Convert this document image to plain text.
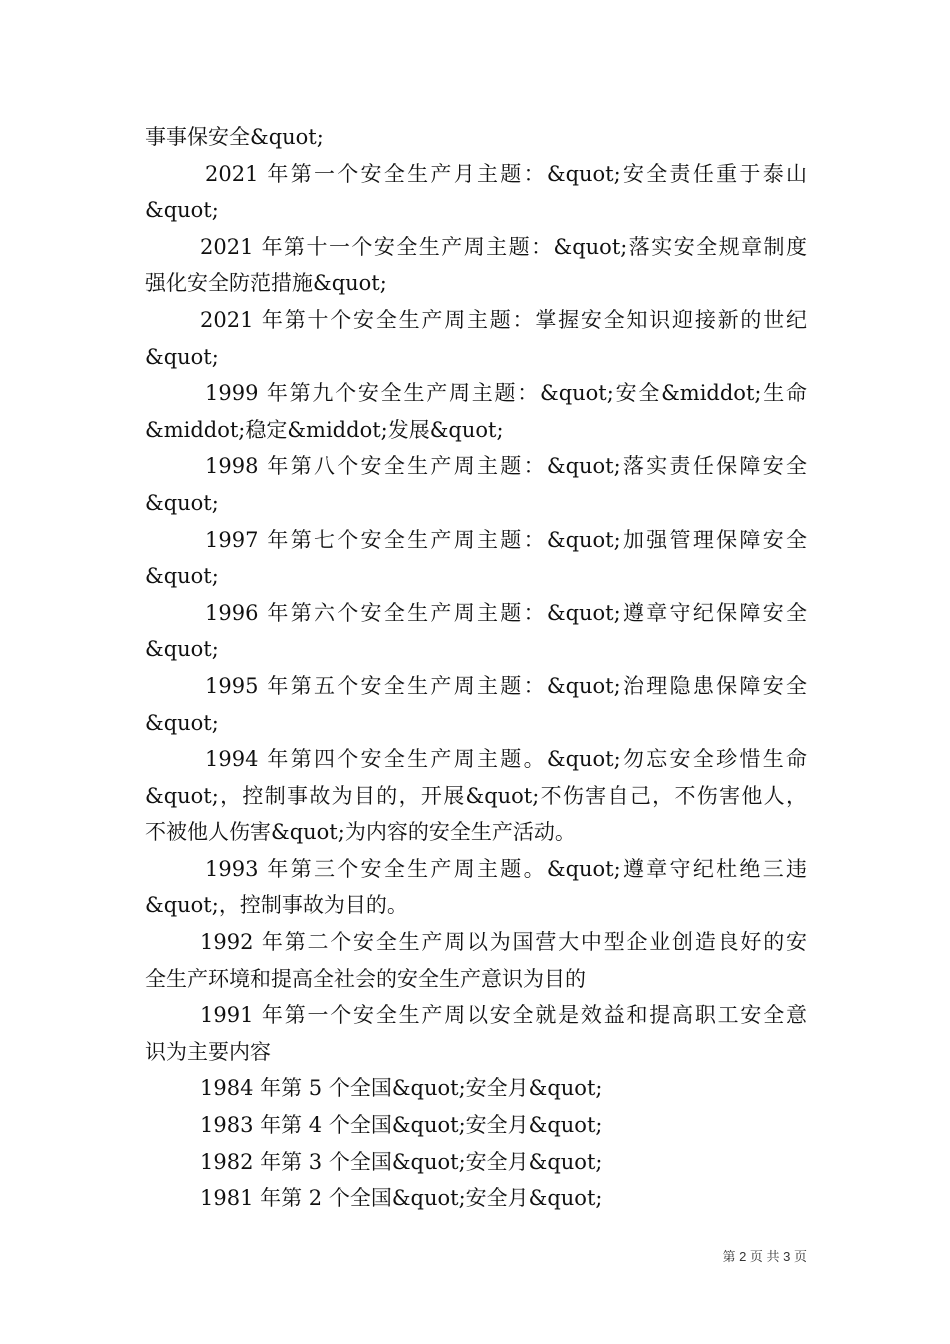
事事保安全&quot;
2021 年第一个安全生产月主题：&quot;安全责任重于泰山
&quot;
2021 年第十一个安全生产周主题：&quot;落实安全规章制度
强化安全防范措施&quot;
2021 年第十个安全生产周主题：掌握安全知识迎接新的世纪
&quot;
1999 年第九个安全生产周主题：&quot;安全&middot;生命
&middot;稳定&middot;发展&quot;
1998 年第八个安全生产周主题：&quot;落实责任保障安全
&quot;
1997 年第七个安全生产周主题：&quot;加强管理保障安全
&quot;
1996 年第六个安全生产周主题：&quot;遵章守纪保障安全
&quot;
1995 年第五个安全生产周主题：&quot;治理隐患保障安全
&quot;
1994 年第四个安全生产周主题。&quot;勿忘安全珍惜生命
&quot;，控制事故为目的，开展&quot;不伤害自己，不伤害他人，
不被他人伤害&quot;为内容的安全生产活动。
1993 年第三个安全生产周主题。&quot;遵章守纪杜绝三违
&quot;，控制事故为目的。
1992 年第二个安全生产周以为国营大中型企业创造良好的安
全生产环境和提高全社会的安全生产意识为目的
1991 年第一个安全生产周以安全就是效益和提高职工安全意
识为主要内容
1984 年第 5 个全国&quot;安全月&quot;
1983 年第 4 个全国&quot;安全月&quot;
1982 年第 3 个全国&quot;安全月&quot;
1981 年第 2 个全国&quot;安全月&quot;
第 2 页 共 3 页
